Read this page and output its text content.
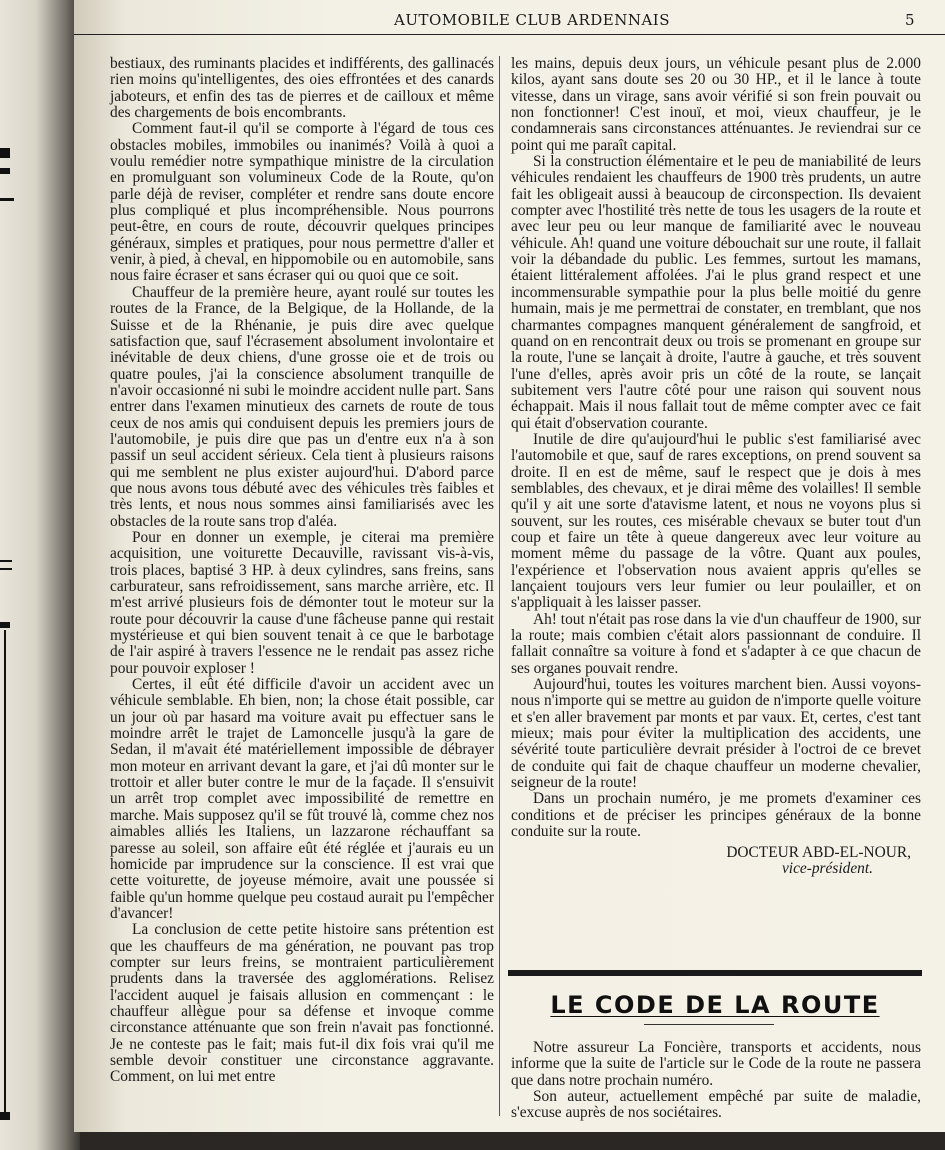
AUTOMOBILE CLUB ARDENNAIS	5

bestiaux, des ruminants placides et indifférents, des gallinacés rien moins qu'intelligentes, des oies effrontées et des canards jaboteurs, et enfin des tas de pierres et de cailloux et même des chargements de bois encombrants.

Comment faut-il qu'il se comporte à l'égard de tous ces obstacles mobiles, immobiles ou inanimés? Voilà à quoi a voulu remédier notre sympathique ministre de la circulation en promulguant son volumineux Code de la Route, qu'on parle déjà de reviser, compléter et rendre sans doute encore plus compliqué et plus incompréhensible. Nous pourrons peut-être, en cours de route, découvrir quelques principes généraux, simples et pratiques, pour nous permettre d'aller et venir, à pied, à cheval, en hippomobile ou en automobile, sans nous faire écraser et sans écraser qui ou quoi que ce soit.

Chauffeur de la première heure, ayant roulé sur toutes les routes de la France, de la Belgique, de la Hollande, de la Suisse et de la Rhénanie, je puis dire avec quelque satisfaction que, sauf l'écrasement absolument involontaire et inévitable de deux chiens, d'une grosse oie et de trois ou quatre poules, j'ai la conscience absolument tranquille de n'avoir occasionné ni subi le moindre accident nulle part. Sans entrer dans l'examen minutieux des carnets de route de tous ceux de nos amis qui conduisent depuis les premiers jours de l'automobile, je puis dire que pas un d'entre eux n'a à son passif un seul accident sérieux. Cela tient à plusieurs raisons qui me semblent ne plus exister aujourd'hui. D'abord parce que nous avons tous débuté avec des véhicules très faibles et très lents, et nous nous sommes ainsi familiarisés avec les obstacles de la route sans trop d'aléa.

Pour en donner un exemple, je citerai ma première acquisition, une voiturette Decauville, ravissant vis-à-vis, trois places, baptisé 3 HP. à deux cylindres, sans freins, sans carburateur, sans refroidissement, sans marche arrière, etc. Il m'est arrivé plusieurs fois de démonter tout le moteur sur la route pour découvrir la cause d'une fâcheuse panne qui restait mystérieuse et qui bien souvent tenait à ce que le barbotage de l'air aspiré à travers l'essence ne le rendait pas assez riche pour pouvoir exploser !

Certes, il eût été difficile d'avoir un accident avec un véhicule semblable. Eh bien, non; la chose était possible, car un jour où par hasard ma voiture avait pu effectuer sans le moindre arrêt le trajet de Lamoncelle jusqu'à la gare de Sedan, il m'avait été matériellement impossible de débrayer mon moteur en arrivant devant la gare, et j'ai dû monter sur le trottoir et aller buter contre le mur de la façade. Il s'ensuivit un arrêt trop complet avec impossibilité de remettre en marche. Mais supposez qu'il se fût trouvé là, comme chez nos aimables alliés les Italiens, un lazzarone réchauffant sa paresse au soleil, son affaire eût été réglée et j'aurais eu un homicide par imprudence sur la conscience. Il est vrai que cette voiturette, de joyeuse mémoire, avait une poussée si faible qu'un homme quelque peu costaud aurait pu l'empêcher d'avancer!

La conclusion de cette petite histoire sans prétention est que les chauffeurs de ma génération, ne pouvant pas trop compter sur leurs freins, se montraient particulièrement prudents dans la traversée des agglomérations. Relisez l'accident auquel je faisais allusion en commençant : le chauffeur allègue pour sa défense et invoque comme circonstance atténuante que son frein n'avait pas fonctionné. Je ne conteste pas le fait; mais fut-il dix fois vrai qu'il me semble devoir constituer une circonstance aggravante. Comment, on lui met entre

les mains, depuis deux jours, un véhicule pesant plus de 2.000 kilos, ayant sans doute ses 20 ou 30 HP., et il le lance à toute vitesse, dans un virage, sans avoir vérifié si son frein pouvait ou non fonctionner! C'est inouï, et moi, vieux chauffeur, je le condamnerais sans circonstances atténuantes. Je reviendrai sur ce point qui me paraît capital.

Si la construction élémentaire et le peu de maniabilité de leurs véhicules rendaient les chauffeurs de 1900 très prudents, un autre fait les obligeait aussi à beaucoup de circonspection. Ils devaient compter avec l'hostilité très nette de tous les usagers de la route et avec leur peu ou leur manque de familiarité avec le nouveau véhicule. Ah! quand une voiture débouchait sur une route, il fallait voir la débandade du public. Les femmes, surtout les mamans, étaient littéralement affolées. J'ai le plus grand respect et une incommensurable sympathie pour la plus belle moitié du genre humain, mais je me permettrai de constater, en tremblant, que nos charmantes compagnes manquent généralement de sangfroid, et quand on en rencontrait deux ou trois se promenant en groupe sur la route, l'une se lançait à droite, l'autre à gauche, et très souvent l'une d'elles, après avoir pris un côté de la route, se lançait subitement vers l'autre côté pour une raison qui souvent nous échappait. Mais il nous fallait tout de même compter avec ce fait qui était d'observation courante.

Inutile de dire qu'aujourd'hui le public s'est familiarisé avec l'automobile et que, sauf de rares exceptions, on prend souvent sa droite. Il en est de même, sauf le respect que je dois à mes semblables, des chevaux, et je dirai même des volailles! Il semble qu'il y ait une sorte d'atavisme latent, et nous ne voyons plus si souvent, sur les routes, ces misérable chevaux se buter tout d'un coup et faire un tête à queue dangereux avec leur voiture au moment même du passage de la vôtre. Quant aux poules, l'expérience et l'observation nous avaient appris qu'elles se lançaient toujours vers leur fumier ou leur poulailler, et on s'appliquait à les laisser passer.

Ah! tout n'était pas rose dans la vie d'un chauffeur de 1900, sur la route; mais combien c'était alors passionnant de conduire. Il fallait connaître sa voiture à fond et s'adapter à ce que chacun de ses organes pouvait rendre.

Aujourd'hui, toutes les voitures marchent bien. Aussi voyons-nous n'importe qui se mettre au guidon de n'importe quelle voiture et s'en aller bravement par monts et par vaux. Et, certes, c'est tant mieux; mais pour éviter la multiplication des accidents, une sévérité toute particulière devrait présider à l'octroi de ce brevet de conduite qui fait de chaque chauffeur un moderne chevalier, seigneur de la route!

Dans un prochain numéro, je me promets d'examiner ces conditions et de préciser les principes généraux de la bonne conduite sur la route.

DOCTEUR ABD-EL-NOUR,
vice-président.
LE CODE DE LA ROUTE

Notre assureur La Foncière, transports et accidents, nous informe que la suite de l'article sur le Code de la route ne passera que dans notre prochain numéro.

Son auteur, actuellement empêché par suite de maladie, s'excuse auprès de nos sociétaires.
